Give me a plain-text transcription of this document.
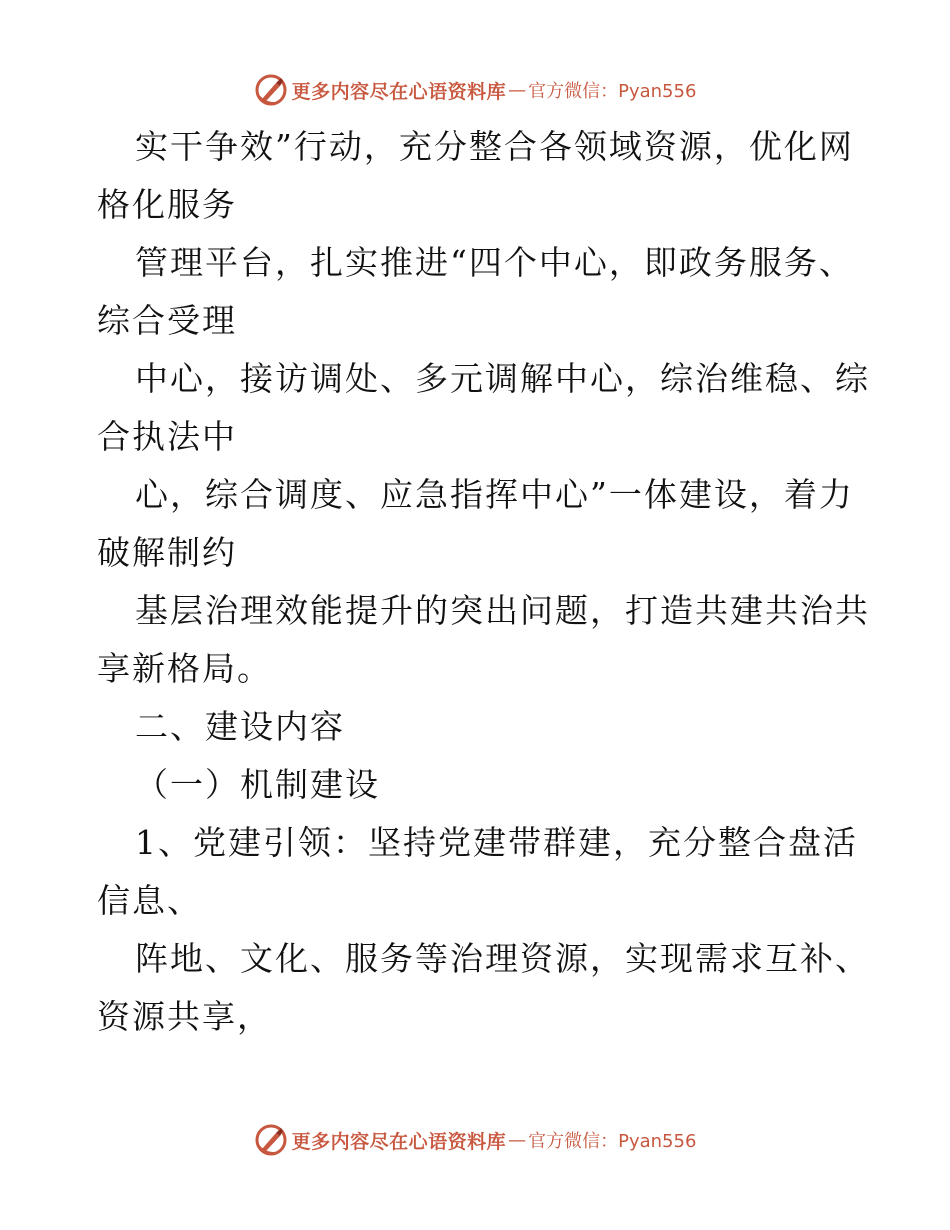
更多内容尽在心语资料库 — 官方微信：Pyan556
实干争效”行动，充分整合各领域资源，优化网
格化服务
管理平台，扎实推进“四个中心，即政务服务、
综合受理
中心，接访调处、多元调解中心，综治维稳、综
合执法中
心，综合调度、应急指挥中心”一体建设，着力
破解制约
基层治理效能提升的突出问题，打造共建共治共
享新格局。
二、建设内容
（一）机制建设
1、党建引领：坚持党建带群建，充分整合盘活
信息、
阵地、文化、服务等治理资源，实现需求互补、
资源共享，
更多内容尽在心语资料库 — 官方微信：Pyan556
